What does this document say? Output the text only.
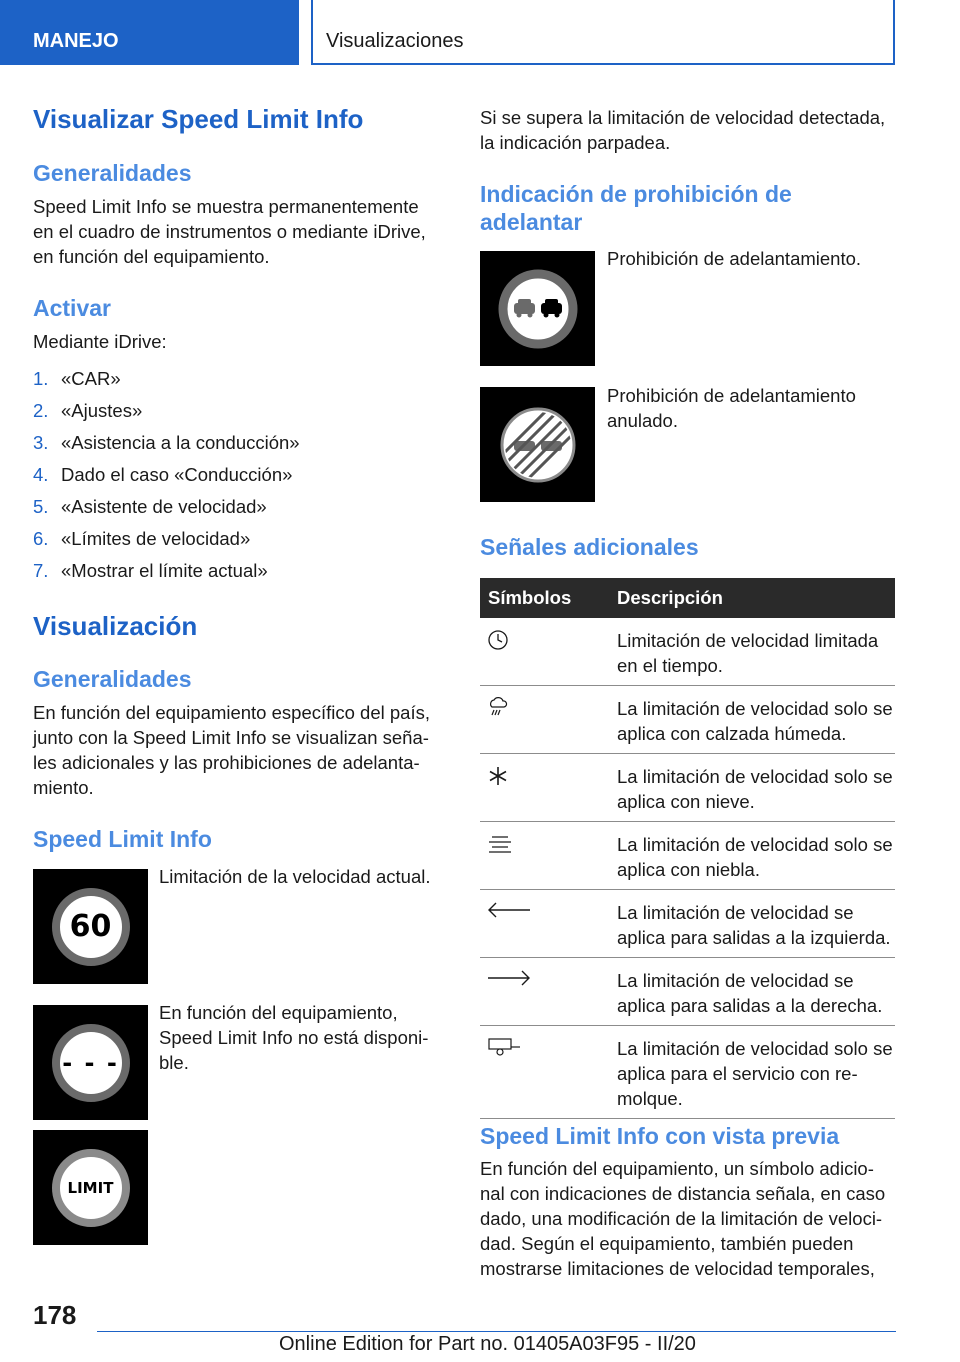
MANEJO	Visualizaciones
Visualizar Speed Limit Info
Generalidades
Speed Limit Info se muestra permanentemente en el cuadro de instrumentos o mediante iDrive, en función del equipamiento.
Activar
Mediante iDrive:
1. «CAR»
2. «Ajustes»
3. «Asistencia a la conducción»
4. Dado el caso «Conducción»
5. «Asistente de velocidad»
6. «Límites de velocidad»
7. «Mostrar el límite actual»
Visualización
Generalidades
En función del equipamiento específico del país, junto con la Speed Limit Info se visualizan seña- les adicionales y las prohibiciones de adelanta- miento.
Speed Limit Info
60
Limitación de la velocidad actual.
- - -
En función del equipamiento, Speed Limit Info no está disponi- ble.
LIMIT
Si se supera la limitación de velocidad detectada, la indicación parpadea.
Indicación de prohibición de adelantar
Prohibición de adelantamiento.
Prohibición de adelantamiento anulado.
Señales adicionales
Símbolos	Descripción
	Limitación de velocidad limitada en el tiempo.
	La limitación de velocidad solo se aplica con calzada húmeda.
	La limitación de velocidad solo se aplica con nieve.
	La limitación de velocidad solo se aplica con niebla.
	La limitación de velocidad se aplica para salidas a la izquierda.
	La limitación de velocidad se aplica para salidas a la derecha.
	La limitación de velocidad solo se aplica para el servicio con re- molque.
Speed Limit Info con vista previa
En función del equipamiento, un símbolo adicio- nal con indicaciones de distancia señala, en caso dado, una modificación de la limitación de veloci- dad. Según el equipamiento, también pueden mostrarse limitaciones de velocidad temporales,
178
Online Edition for Part no. 01405A03F95 - II/20
